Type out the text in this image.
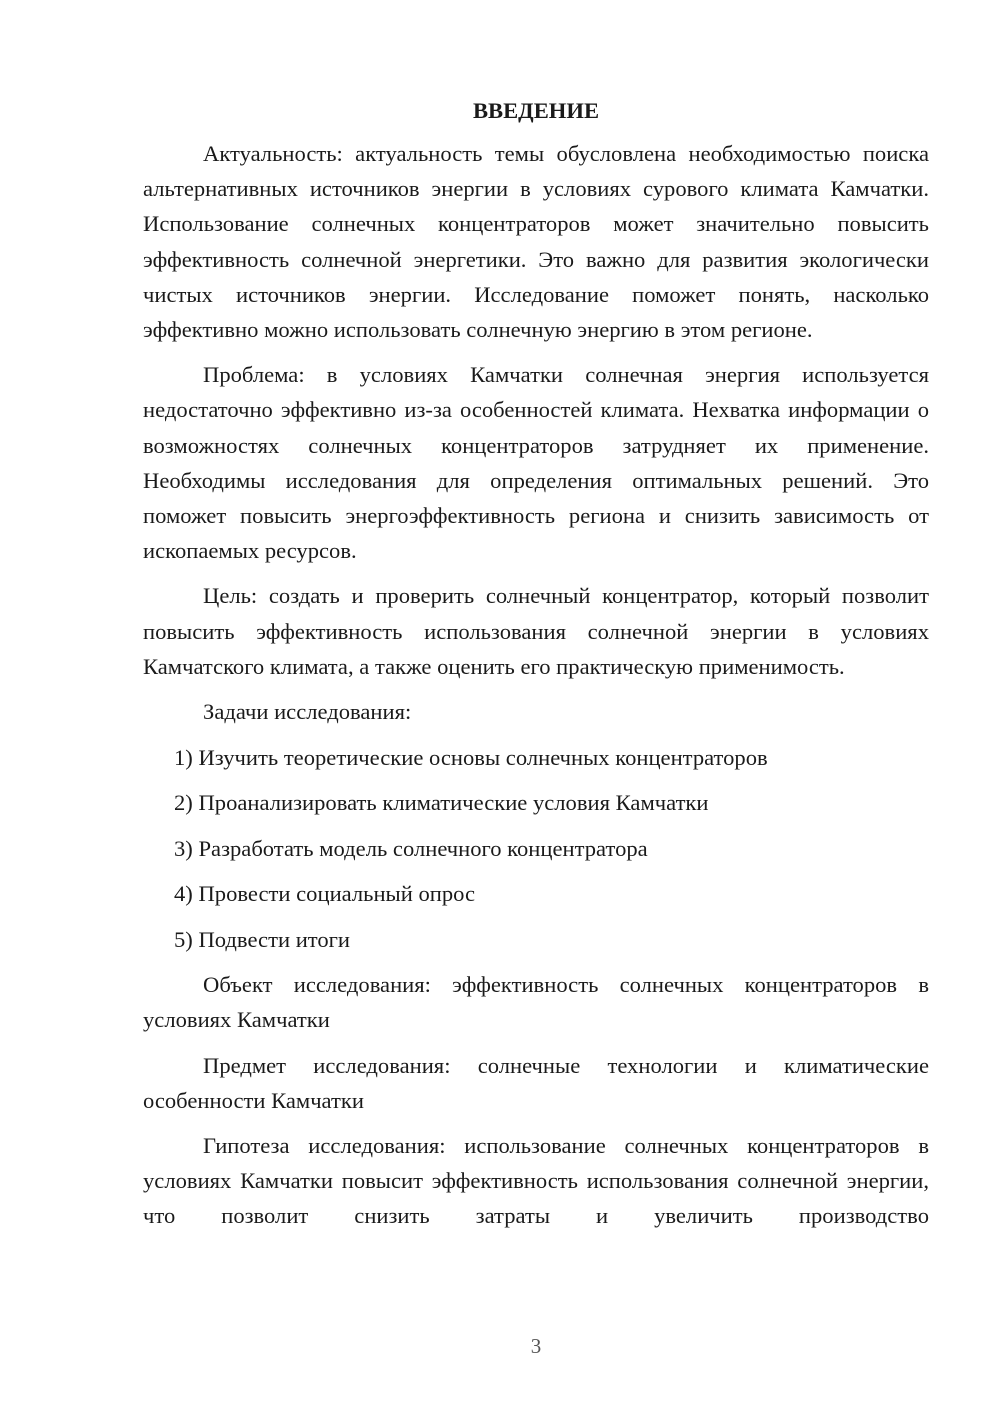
ВВЕДЕНИЕ

Актуальность: актуальность темы обусловлена необходимостью поиска альтернативных источников энергии в условиях сурового климата Камчатки. Использование солнечных концентраторов может значительно повысить эффективность солнечной энергетики. Это важно для развития экологически чистых источников энергии. Исследование поможет понять, насколько эффективно можно использовать солнечную энергию в этом регионе.

Проблема: в условиях Камчатки солнечная энергия используется недостаточно эффективно из-за особенностей климата. Нехватка информации о возможностях солнечных концентраторов затрудняет их применение. Необходимы исследования для определения оптимальных решений. Это поможет повысить энергоэффективность региона и снизить зависимость от ископаемых ресурсов.

Цель: создать и проверить солнечный концентратор, который позволит повысить эффективность использования солнечной энергии в условиях Камчатского климата, а также оценить его практическую применимость.

Задачи исследования:

1) Изучить теоретические основы солнечных концентраторов
2) Проанализировать климатические условия Камчатки
3) Разработать модель солнечного концентратора
4) Провести социальный опрос
5) Подвести итоги

Объект исследования: эффективность солнечных концентраторов в условиях Камчатки

Предмет исследования: солнечные технологии и климатические особенности Камчатки

Гипотеза исследования: использование солнечных концентраторов в условиях Камчатки повысит эффективность использования солнечной энергии, что позволит снизить затраты и увеличить производство

3
